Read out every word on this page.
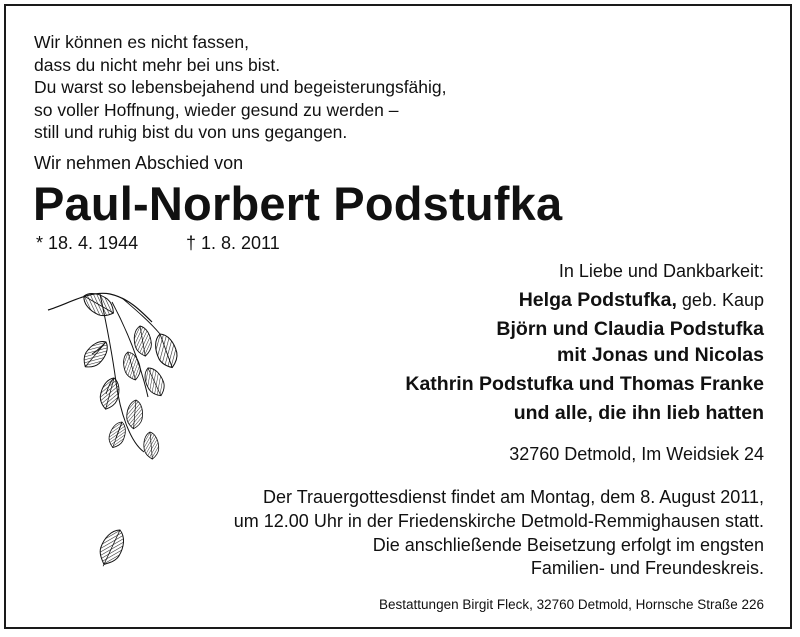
Wir können es nicht fassen,
dass du nicht mehr bei uns bist.
Du warst so lebensbejahend und begeisterungsfähig,
so voller Hoffnung, wieder gesund zu werden –
still und ruhig bist du von uns gegangen.
Wir nehmen Abschied von
Paul-Norbert Podstufka
* 18. 4. 1944	† 1. 8. 2011
In Liebe und Dankbarkeit:
Helga Podstufka, geb. Kaup
Björn und Claudia Podstufka
mit Jonas und Nicolas
Kathrin Podstufka und Thomas Franke
und alle, die ihn lieb hatten
32760 Detmold, Im Weidsiek 24
Der Trauergottesdienst findet am Montag, dem 8. August 2011,
um 12.00 Uhr in der Friedenskirche Detmold-Remmighausen statt.
Die anschließende Beisetzung erfolgt im engsten
Familien- und Freundeskreis.
Bestattungen Birgit Fleck, 32760 Detmold, Hornsche Straße 226
